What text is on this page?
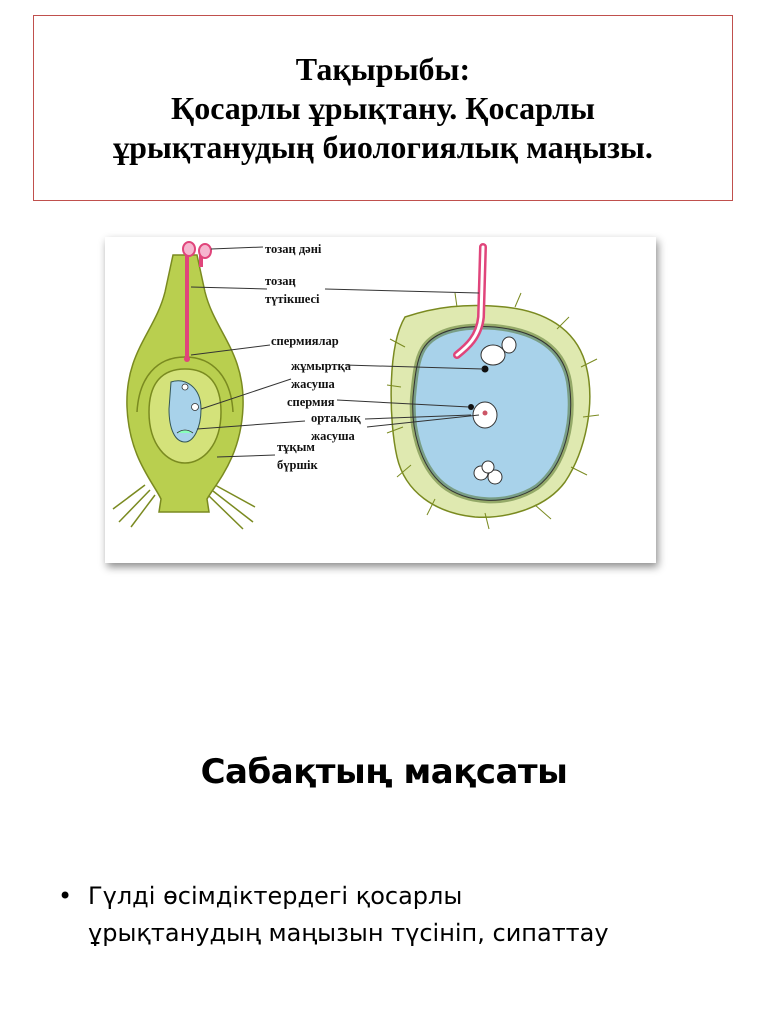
Тақырыбы:
Қосарлы ұрықтану. Қосарлы
ұрықтанудың биологиялық маңызы.
тозаң дәні
тозаң
түтікшесі
спермиялар
жұмыртқа
жасуша
спермия
орталық
жасуша
тұқым
бүршік
Сабақтың мақсаты
• Гүлді өсімдіктердегі қосарлы
ұрықтанудың маңызын түсініп, сипаттау
